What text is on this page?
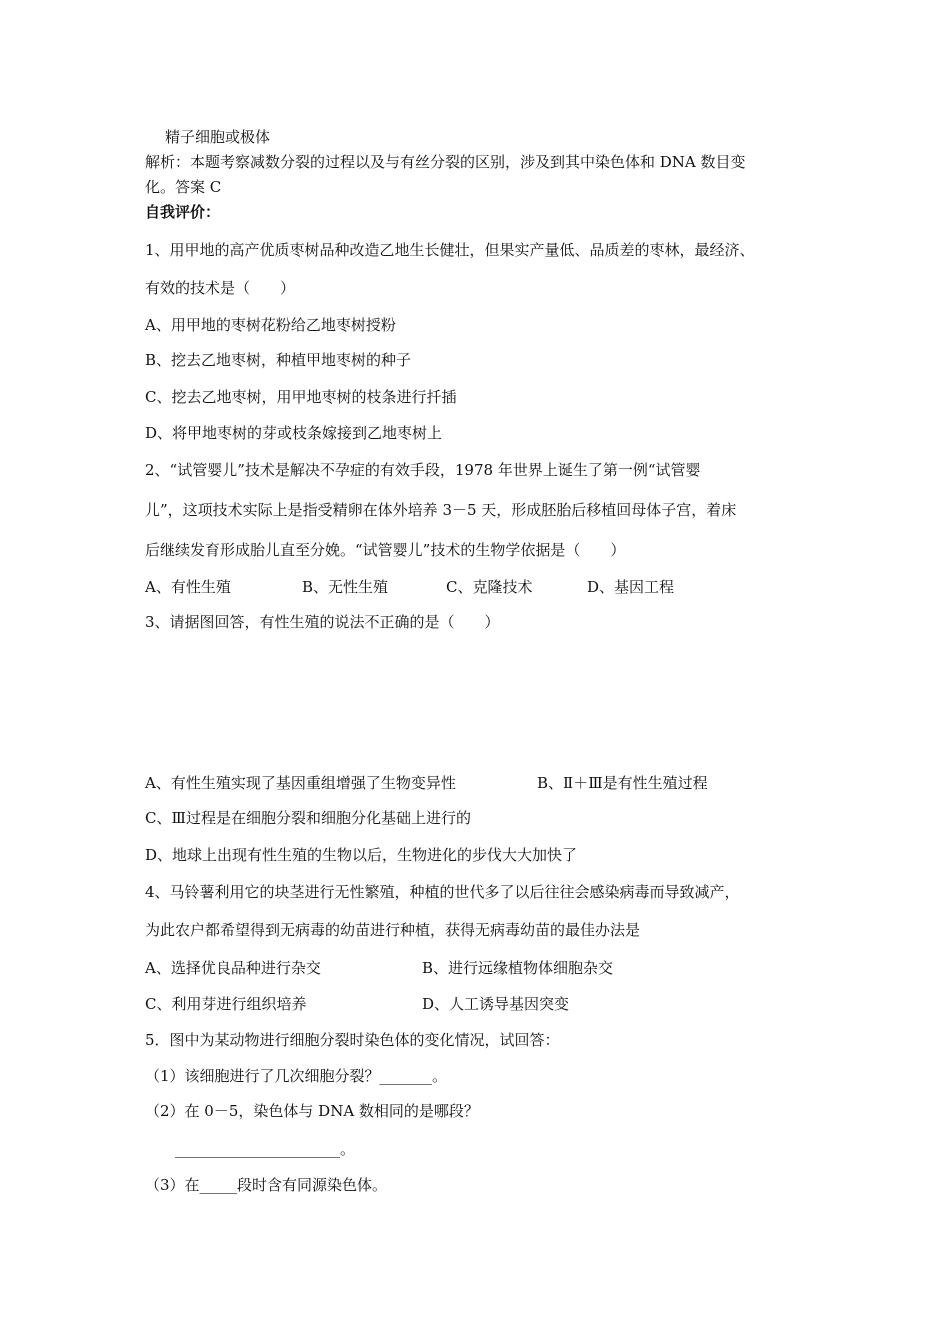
精子细胞或极体
解析：本题考察减数分裂的过程以及与有丝分裂的区别，涉及到其中染色体和 DNA 数目变
化。答案 C
自我评价：
1、用甲地的高产优质枣树品种改造乙地生长健壮，但果实产量低、品质差的枣林，最经济、
有效的技术是（　　）
A、用甲地的枣树花粉给乙地枣树授粉
B、挖去乙地枣树，种植甲地枣树的种子
C、挖去乙地枣树，用甲地枣树的枝条进行扦插
D、将甲地枣树的芽或枝条嫁接到乙地枣树上
2、“试管婴儿”技术是解决不孕症的有效手段，1978 年世界上诞生了第一例“试管婴
儿”，这项技术实际上是指受精卵在体外培养 3－5 天，形成胚胎后移植回母体子宫，着床
后继续发育形成胎儿直至分娩。“试管婴儿”技术的生物学依据是（　　）
A、有性生殖	B、无性生殖	C、克隆技术	D、基因工程
3、请据图回答，有性生殖的说法不正确的是（　　）
A、有性生殖实现了基因重组增强了生物变异性	B、Ⅱ＋Ⅲ是有性生殖过程
C、Ⅲ过程是在细胞分裂和细胞分化基础上进行的
D、地球上出现有性生殖的生物以后，生物进化的步伐大大加快了
4、马铃薯利用它的块茎进行无性繁殖，种植的世代多了以后往往会感染病毒而导致减产，
为此农户都希望得到无病毒的幼苗进行种植，获得无病毒幼苗的最佳办法是
A、选择优良品种进行杂交	B、进行远缘植物体细胞杂交
C、利用芽进行组织培养	D、人工诱导基因突变
5．图中为某动物进行细胞分裂时染色体的变化情况，试回答：
（1）该细胞进行了几次细胞分裂？_______。
（2）在 0－5，染色体与 DNA 数相同的是哪段？
______________________。
（3）在_____段时含有同源染色体。
